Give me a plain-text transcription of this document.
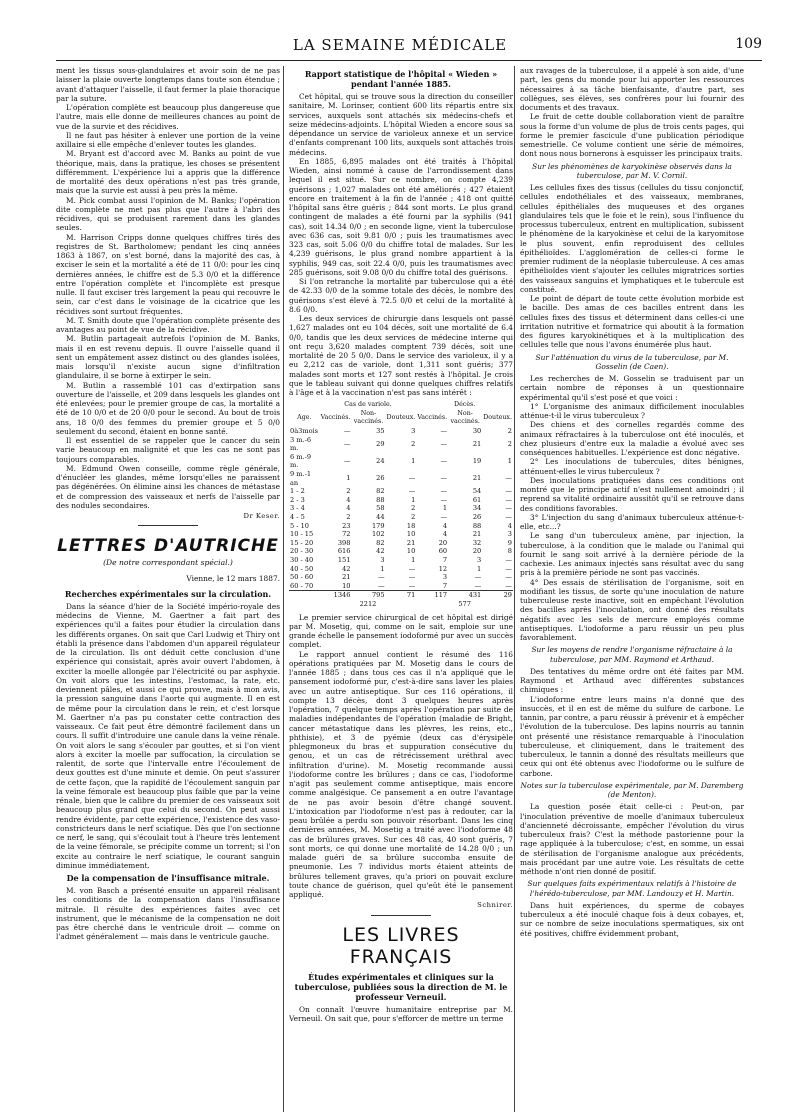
LA SEMAINE MÉDICALE	109

ment les tissus sous-glandulaires et avoir soin de ne pas laisser la plaie ouverte longtemps dans toute son étendue ; avant d'attaquer l'aisselle, il faut fermer la plaie thoracique par la suture.

L'opération complète est beaucoup plus dangereuse que l'autre, mais elle donne de meilleures chances au point de vue de la survie et des récidives.

Il ne faut pas hésiter à enlever une portion de la veine axillaire si elle empêche d'enlever toutes les glandes.

M. Bryant est d'accord avec M. Banks au point de vue théorique, mais, dans la pratique, les choses se présentent différemment. L'expérience lui a appris que la différence de mortalité des deux opérations n'est pas très grande, mais que la survie est aussi à peu près la même.

M. Pick combat aussi l'opinion de M. Banks; l'opération dite complète ne met pas plus que l'autre à l'abri des récidives, qui se produisent rarement dans les glandes seules.

M. Harrison Cripps donne quelques chiffres tirés des registres de St. Bartholomew; pendant les cinq années 1863 à 1867, on s'est borné, dans la majorité des cas, à exciser le sein et la mortalité a été de 11 0/0: pour les cinq dernières années, le chiffre est de 5.3 0/0 et la différence entre l'opération complète et l'incomplète est presque nulle. Il faut exciser très largement la peau qui recouvre le sein, car c'est dans le voisinage de la cicatrice que les récidives sont surtout fréquentes.

M. T. Smith doute que l'opération complète présente des avantages au point de vue de la récidive.

M. Butlin partageait autrefois l'opinion de M. Banks, mais il en est revenu depuis. Il ouvre l'aisselle quand il sent un empâtement assez distinct ou des glandes isolées, mais lorsqu'il n'existe aucun signe d'infiltration glandulaire, il se borne à extirper le sein.

M. Butlin a rassemblé 101 cas d'extirpation sans ouverture de l'aisselle, et 209 dans lesquels les glandes ont été enlevées; pour le premier groupe de cas, la mortalité a été de 10 0/0 et de 20 0/0 pour le second. Au bout de trois ans, 18 0/0 des femmes du premier groupe et 5 0/0 seulement du second, étaient en bonne santé.

Il est essentiel de se rappeler que le cancer du sein varie beaucoup en malignité et que les cas ne sont pas toujours comparables.

M. Edmund Owen conseille, comme règle générale, d'énucléer les glandes, même lorsqu'elles ne paraissent pas dégénérées. On élimine ainsi les chances de métastase et de compression des vaisseaux et nerfs de l'aisselle par des nodules secondaires.

Dr Keser.
LETTRES D'AUTRICHE
(De notre correspondant spécial.)
Vienne, le 12 mars 1887.
Recherches expérimentales sur la circulation.

Dans la séance d'hier de la Société império-royale des médecins de Vienne, M. Gaertner a fait part des expériences qu'il a faites pour étudier la circulation dans les différents organes. On sait que Carl Ludwig et Thiry ont établi la présence dans l'abdomen d'un appareil régulateur de la circulation. Ils ont déduit cette conclusion d'une expérience qui consistait, après avoir ouvert l'abdomen, à exciter la moelle allongée par l'électricité ou par asphyxie. On voit alors que les intestins, l'estomac, la rate, etc. deviennent pâles, et aussi ce qui prouve, mais à mon avis, la pression sanguine dans l'aorte qui augmente. Il en est de même pour la circulation dans le rein, et c'est lorsque M. Gaertner n'a pas pu constater cette contraction des vaisseaux. Ce fait peut être démontré facilement dans un cours. Il suffit d'introduire une canule dans la veine rénale. On voit alors le sang s'écouler par gouttes, et si l'on vient alors à exciter la moelle par suffocation, la circulation se ralentit, de sorte que l'intervalle entre l'écoulement de deux gouttes est d'une minute et demie. On peut s'assurer de cette façon, que la rapidité de l'écoulement sanguin par la veine fémorale est beaucoup plus faible que par la veine rénale, bien que le calibre du premier de ces vaisseaux soit beaucoup plus grand que celui du second. On peut aussi rendre évidente, par cette expérience, l'existence des vaso-constricteurs dans le nerf sciatique. Dès que l'on sectionne ce nerf, le sang, qui s'écoulait tout à l'heure très lentement de la veine fémorale, se précipite comme un torrent; si l'on excite au contraire le nerf sciatique, le courant sanguin diminue immédiatement.

De la compensation de l'insuffisance mitrale.

M. von Basch a présenté ensuite un appareil réalisant les conditions de la compensation dans l'insuffisance mitrale. Il résulte des expériences faites avec cet instrument, que le mécanisme de la compensation ne doit pas être cherché dans le ventricule droit — comme on l'admet généralement — mais dans le ventricule gauche.

Rapport statistique de l'hôpital « Wieden » pendant l'année 1885.

Cet hôpital, qui se trouve sous la direction du conseiller sanitaire, M. Lorinser, contient 600 lits répartis entre six services, auxquels sont attachés six médecins-chefs et seize médecins-adjoints. L'hôpital Wieden a encore sous sa dépendance un service de varioleux annexe et un service d'enfants comprenant 100 lits, auxquels sont attachés trois médecins.

En 1885, 6,895 malades ont été traités à l'hôpital Wieden, ainsi nommé à cause de l'arrondissement dans lequel il est situé. Sur ce nombre, on compte 4,239 guérisons ; 1,027 malades ont été améliorés ; 427 étaient encore en traitement à la fin de l'année ; 418 ont quitté l'hôpital sans être guéris ; 844 sont morts. Le plus grand contingent de malades a été fourni par la syphilis (941 cas), soit 14.34 0/0 ; en seconde ligne, vient la tuberculose avec 636 cas, soit 9.81 0/0 ; puis les traumatismes avec 323 cas, soit 5.06 0/0 du chiffre total de malades. Sur les 4,239 guérisons, le plus grand nombre appartient à la syphilis, 949 cas, soit 22.4 0/0, puis les traumatismes avec 285 guérisons, soit 9.08 0/0 du chiffre total des guérisons.

Si l'on retranche la mortalité par tuberculose qui a été de 42.33 0/0 de la somme totale des décès, le nombre des guérisons s'est élevé à 72.5 0/0 et celui de la mortalité à 8.6 0/0.

Les deux services de chirurgie dans lesquels ont passé 1,627 malades ont eu 104 décès, soit une mortalité de 6.4 0/0, tandis que les deux services de médecine interne qui ont reçu 3,620 malades comptent 739 décès, soit une mortalité de 20 5 0/0. Dans le service des varioleux, il y a eu 2,212 cas de variole, dont 1,311 sont guéris; 377 malades sont morts et 127 sont restés à l'hôpital. Je crois que le tableau suivant qui donne quelques chiffres relatifs à l'âge et à la vaccination n'est pas sans intérêt :

	Cas de variole.			Décès.		
Age.	Vaccinés.	Non-vaccinés.	Douteux.	Vaccinés.	Non-vaccinés.	Douteux.
0à3mois	—	35	3	—	30	2
3 m.-6 m.	—	29	2	—	21	2
6 m.-9 m.	—	24	1	—	19	1
9 m.-1 an	1	26	—	—	21	—
1 - 2	2	82	—	—	54	—
2 - 3	4	88	1	—	61	—
3 - 4	4	58	2	1	34	—
4 - 5	2	44	2	—	26	—
5 - 10	23	179	18	4	88	4
10 - 15	72	102	10	4	21	3
15 - 20	398	82	21	20	32	9
20 - 30	616	42	10	60	20	8
30 - 40	151	3	1	7	3	—
40 - 50	42	1	—	12	1	—
50 - 60	21	—	—	3	—	—
60 - 70	10	—	—	7	—	—
	1346	795	71	117	431	29
	2212			577		

Le premier service chirurgical de cet hôpital est dirigé par M. Mosetig, qui, comme on le sait, emploie sur une grande échelle le pansement iodoformé pur avec un succès complet.

Le rapport annuel contient le résumé des 116 opérations pratiquées par M. Mosetig dans le cours de l'année 1885 ; dans tous ces cas il n'a appliqué que le pansement iodoformé pur, c'est-à-dire sans laver les plaies avec un autre antiseptique. Sur ces 116 opérations, il compte 13 décès, dont 3 quelques heures après l'opération, 7 quelque temps après l'opération par suite de maladies indépendantes de l'opération (maladie de Bright, cancer métastatique dans les plèvres, les reins, etc., phthisie), et 3 de pyémie (deux cas d'érysipèle phlegmoneux du bras et suppuration consécutive du genou, et un cas de rétrécissement uréthral avec infiltration d'urine). M. Mosetig recommande aussi l'iodoforme contre les brûlures ; dans ce cas, l'iodoforme n'agit pas seulement comme antiseptique, mais encore comme analgésique. Ce pansement a en outre l'avantage de ne pas avoir besoin d'être changé souvent. L'intoxication par l'iodoforme n'est pas à redouter, car la peau brûlée a perdu son pouvoir résorbant. Dans les cinq dernières années, M. Mosetig a traité avec l'iodoforme 48 cas de brûlures graves. Sur ces 48 cas, 40 sont guéris, 7 sont morts, ce qui donne une mortalité de 14.28 0/0 ; un malade guéri de sa brûlure succomba ensuite de pneumonie. Les 7 individus morts étaient atteints de brûlures tellement graves, qu'a priori on pouvait exclure toute chance de guérison, quel qu'eût été le pansement appliqué.

Schnirer.
LES LIVRES FRANÇAIS
Études expérimentales et cliniques sur la tuberculose, publiées sous la direction de M. le professeur Verneuil.

On connaît l'œuvre humanitaire entreprise par M. Verneuil. On sait que, pour s'efforcer de mettre un terme

aux ravages de la tuberculose, il a appelé à son aide, d'une part, les gens du monde pour lui apporter les ressources nécessaires à sa tâche bienfaisante, d'autre part, ses collègues, ses élèves, ses confrères pour lui fournir des documents et des travaux.

Le fruit de cette double collaboration vient de paraître sous la forme d'un volume de plus de trois cents pages, qui forme le premier fascicule d'une publication périodique semestrielle. Ce volume contient une série de mémoires, dont nous nous bornerons à esquisser les principaux traits.

Sur les phénomènes de karyokinèse observés dans la tuberculose, par M. V. Cornil.

Les cellules fixes des tissus (cellules du tissu conjonctif, cellules endothéliales et des vaisseaux, membranes, cellules épithéliales des muqueuses et des organes glandulaires tels que le foie et le rein), sous l'influence du processus tuberculeux, entrent en multiplication, subissent le phénomène de la karyokinèse et celui de la karyomitose le plus souvent, enfin reproduisent des cellules épithélioïdes. L'agglomération de celles-ci forme le premier rudiment de la néoplasie tuberculeuse. A ces amas épithélioïdes vient s'ajouter les cellules migratrices sorties des vaisseaux sanguins et lymphatiques et le tubercule est constitué.

Le point de départ de toute cette évolution morbide est le bacille. Des amas de ces bacilles entrent dans les cellules fixes des tissus et déterminent dans celles-ci une irritation nutritive et formatrice qui aboutit à la formation des figures karyokinétiques et à la multiplication des cellules telle que nous l'avons énumérée plus haut.

Sur l'atténuation du virus de la tuberculose, par M. Gosselin (de Caen).

Les recherches de M. Gosselin se traduisent par un certain nombre de réponses à un questionnaire expérimental qu'il s'est posé et que voici :

1° L'organisme des animaux difficilement inoculables atténue-t-il le virus tuberculeux ?

Des chiens et des cornelles regardés comme des animaux réfractaires à la tuberculose ont été inoculés, et chez plusieurs d'entre eux la maladie a évolué avec ses conséquences habituelles. L'expérience est donc négative.

2° Les inoculations de tubercules, dites bénignes, atténuent-elles le virus tuberculeux ?

Des inoculations pratiquées dans ces conditions ont montré que le principe actif n'est nullement amoindri ; il reprend sa vitalité ordinaire aussitôt qu'il se retrouve dans des conditions favorables.

3° L'injection du sang d'animaux tuberculeux atténue-t-elle, etc...?

Le sang d'un tuberculeux amène, par injection, la tuberculose, à la condition que le malade ou l'animal qui fournit le sang soit arrivé à la dernière période de la cachexie. Les animaux injectés sans résultat avec du sang pris à la première période ne sont pas vaccinés.

4° Des essais de stérilisation de l'organisme, soit en modifiant les tissus, de sorte qu'une inoculation de nature tuberculeuse reste inactive, soit en empêchant l'évolution des bacilles après l'inoculation, ont donné des résultats négatifs avec les sels de mercure employés comme antiseptiques. L'iodoforme a paru réussir un peu plus favorablement.

Sur les moyens de rendre l'organisme réfractaire à la tuberculose, par MM. Raymond et Arthaud.

Des tentatives du même ordre ont été faites par MM. Raymond et Arthaud avec différentes substances chimiques :

L'iodoforme entre leurs mains n'a donné que des insuccès, et il en est de même du sulfure de carbone. Le tannin, par contre, a paru réussir à prévenir et à empêcher l'évolution de la tuberculose. Des lapins nourris au tannin ont présenté une résistance remarquable à l'inoculation tuberculeuse, et cliniquement, dans le traitement des tuberculeux, le tannin a donné des résultats meilleurs que ceux qui ont été obtenus avec l'iodoforme ou le sulfure de carbone.

Notes sur la tuberculose expérimentale, par M. Daremberg (de Menton).

La question posée était celle-ci : Peut-on, par l'inoculation préventive de moelle d'animaux tuberculeux d'ancienneté décroissante, empêcher l'évolution du virus tuberculeux frais? C'est la méthode pastorienne pour la rage appliquée à la tuberculose; c'est, en somme, un essai de stérilisation de l'organisme analogue aux précédents, mais procédant par une autre voie. Les résultats de cette méthode n'ont rien donné de positif.

Sur quelques faits expérimentaux relatifs à l'histoire de l'hérédo-tuberculose, par MM. Landouzy et H. Martin.

Dans huit expériences, du sperme de cobayes tuberculeux a été inoculé chaque fois à deux cobayes, et, sur ce nombre de seize inoculations spermatiques, six ont été positives, chiffre évidemment probant,
